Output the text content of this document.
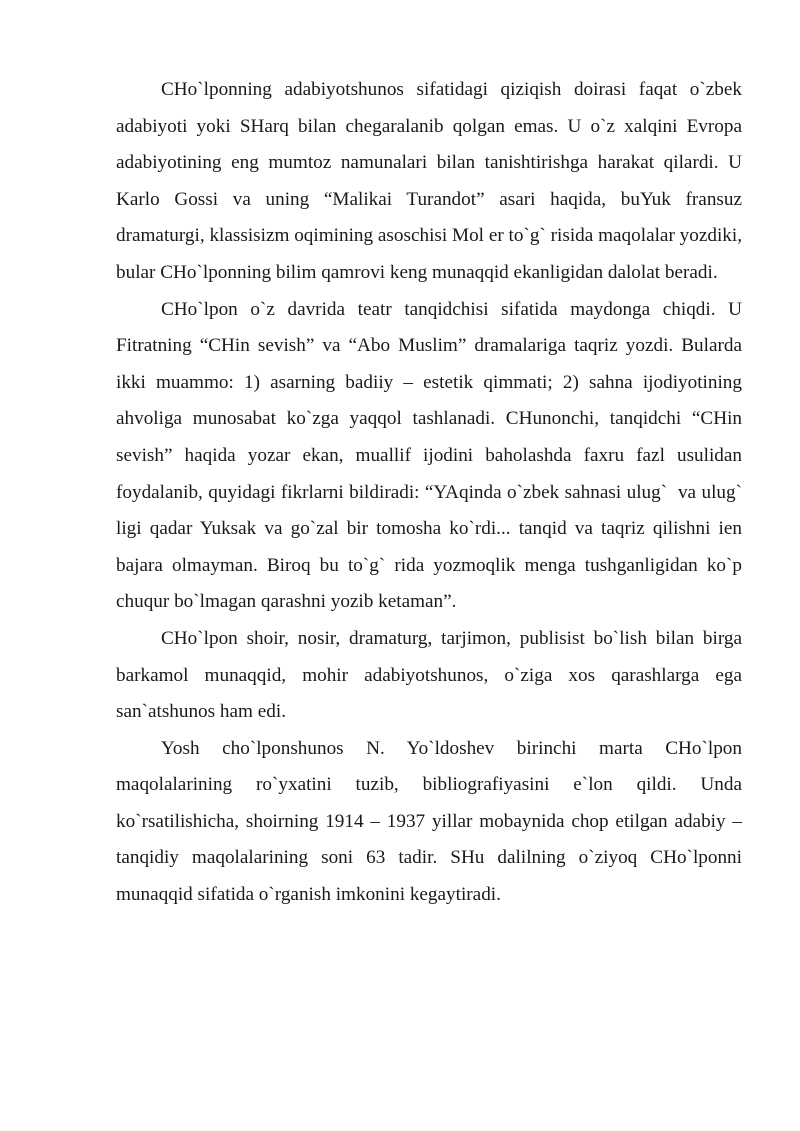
CHo`lponning adabiyotshunos sifatidagi qiziqish doirasi faqat o`zbek adabiyoti yoki SHarq bilan chegaralanib qolgan emas. U o`z xalqini Evropa adabiyotining eng mumtoz namunalari bilan tanishtirishga harakat qilardi. U Karlo Gossi va uning “Malikai Turandot” asari haqida, buYuk fransuz dramaturgi, klassisizm oqimining asoschisi Mol er to`g` risida maqolalar yozdiki, bular CHo`lponning bilim qamrovi keng munaqqid ekanligidan dalolat beradi.

CHo`lpon o`z davrida teatr tanqidchisi sifatida maydonga chiqdi. U Fitratning “CHin sevish” va “Abo Muslim” dramalariga taqriz yozdi. Bularda ikki muammo: 1) asarning badiiy – estetik qimmati; 2) sahna ijodiyotining ahvoliga munosabat ko`zga yaqqol tashlanadi. CHunonchi, tanqidchi “CHin sevish” haqida yozar ekan, muallif ijodini baholashda faxru fazl usulidan foydalanib, quyidagi fikrlarni bildiradi: “YAqinda o`zbek sahnasi ulug`  va ulug` ligi qadar Yuksak va go`zal bir tomosha ko`rdi... tanqid va taqriz qilishni ien bajara olmayman. Biroq bu to`g` rida yozmoqlik menga tushganligidan ko`p chuqur bo`lmagan qarashni yozib ketaman”.

CHo`lpon shoir, nosir, dramaturg, tarjimon, publisist bo`lish bilan birga barkamol munaqqid, mohir adabiyotshunos, o`ziga xos qarashlarga ega san`atshunos ham edi.

Yosh cho`lponshunos N. Yo`ldoshev birinchi marta CHo`lpon maqolalarining ro`yxatini tuzib, bibliografiyasini e`lon qildi. Unda ko`rsatilishicha, shoirning 1914 – 1937 yillar mobaynida chop etilgan adabiy – tanqidiy maqolalarining soni 63 tadir. SHu dalilning o`ziyoq CHo`lponni munaqqid sifatida o`rganish imkonini kegaytiradi.
